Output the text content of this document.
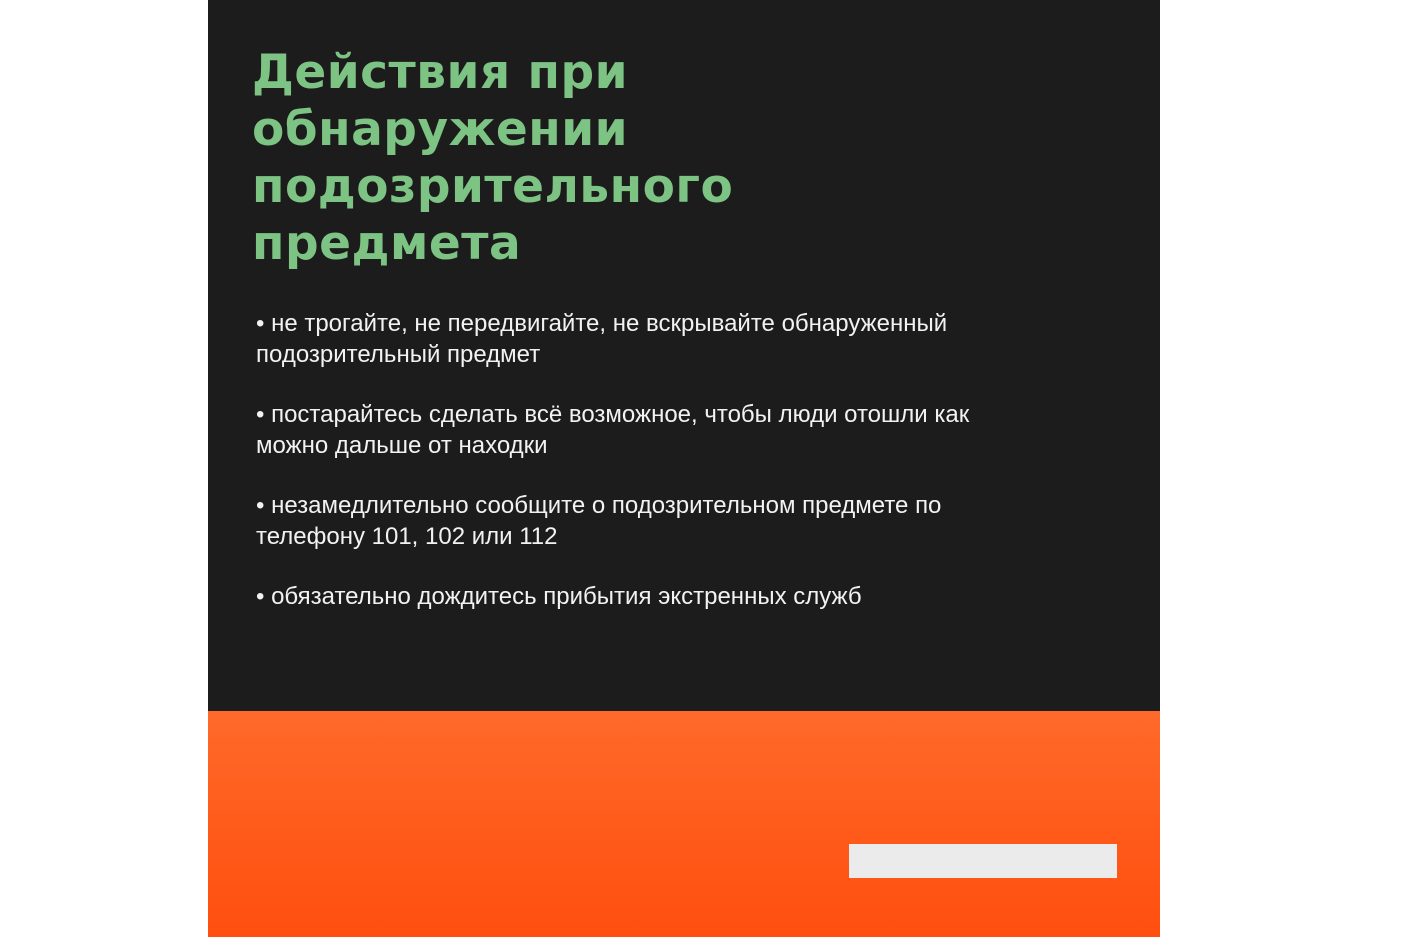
Действия при
обнаружении
подозрительного
предмета
• не трогайте, не передвигайте, не вскрывайте обнаруженный
подозрительный предмет
• постарайтесь сделать всё возможное, чтобы люди отошли как
можно дальше от находки
• незамедлительно сообщите о подозрительном предмете по
телефону 101, 102 или 112
• обязательно дождитесь прибытия экстренных служб
